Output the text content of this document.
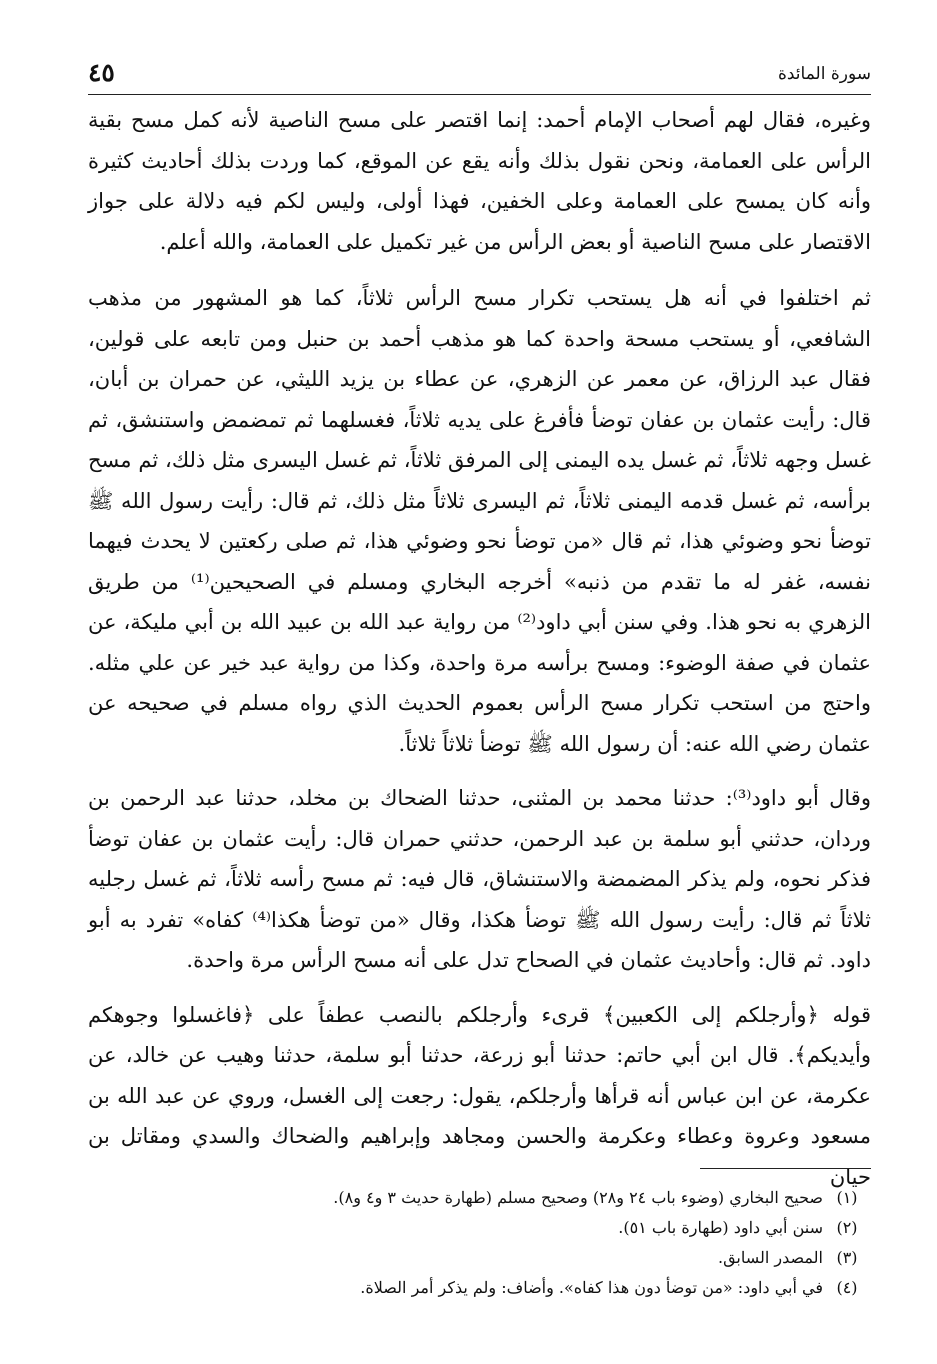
سورة المائدة
٤٥

وغيره، فقال لهم أصحاب الإمام أحمد: إنما اقتصر على مسح الناصية لأنه كمل مسح بقية الرأس على العمامة، ونحن نقول بذلك وأنه يقع عن الموقع، كما وردت بذلك أحاديث كثيرة وأنه كان يمسح على العمامة وعلى الخفين، فهذا أولى، وليس لكم فيه دلالة على جواز الاقتصار على مسح الناصية أو بعض الرأس من غير تكميل على العمامة، والله أعلم.

ثم اختلفوا في أنه هل يستحب تكرار مسح الرأس ثلاثاً، كما هو المشهور من مذهب الشافعي، أو يستحب مسحة واحدة كما هو مذهب أحمد بن حنبل ومن تابعه على قولين، فقال عبد الرزاق، عن معمر عن الزهري، عن عطاء بن يزيد الليثي، عن حمران بن أبان، قال: رأيت عثمان بن عفان توضأ فأفرغ على يديه ثلاثاً، فغسلهما ثم تمضمض واستنشق، ثم غسل وجهه ثلاثاً، ثم غسل يده اليمنى إلى المرفق ثلاثاً، ثم غسل اليسرى مثل ذلك، ثم مسح برأسه، ثم غسل قدمه اليمنى ثلاثاً، ثم اليسرى ثلاثاً مثل ذلك، ثم قال: رأيت رسول الله ﷺ توضأ نحو وضوئي هذا، ثم قال «من توضأ نحو وضوئي هذا، ثم صلى ركعتين لا يحدث فيهما نفسه، غفر له ما تقدم من ذنبه» أخرجه البخاري ومسلم في الصحيحين⁽¹⁾ من طريق الزهري به نحو هذا. وفي سنن أبي داود⁽²⁾ من رواية عبد الله بن عبيد الله بن أبي مليكة، عن عثمان في صفة الوضوء: ومسح برأسه مرة واحدة، وكذا من رواية عبد خير عن علي مثله. واحتج من استحب تكرار مسح الرأس بعموم الحديث الذي رواه مسلم في صحيحه عن عثمان رضي الله عنه: أن رسول الله ﷺ توضأ ثلاثاً ثلاثاً.

وقال أبو داود⁽³⁾: حدثنا محمد بن المثنى، حدثنا الضحاك بن مخلد، حدثنا عبد الرحمن بن وردان، حدثني أبو سلمة بن عبد الرحمن، حدثني حمران قال: رأيت عثمان بن عفان توضأ فذكر نحوه، ولم يذكر المضمضة والاستنشاق، قال فيه: ثم مسح رأسه ثلاثاً، ثم غسل رجليه ثلاثاً ثم قال: رأيت رسول الله ﷺ توضأ هكذا، وقال «من توضأ هكذا⁽⁴⁾ كفاه» تفرد به أبو داود. ثم قال: وأحاديث عثمان في الصحاح تدل على أنه مسح الرأس مرة واحدة.

قوله ﴿وأرجلكم إلى الكعبين﴾ قرىء وأرجلكم بالنصب عطفاً على ﴿فاغسلوا وجوهكم وأيديكم﴾. قال ابن أبي حاتم: حدثنا أبو زرعة، حدثنا أبو سلمة، حدثنا وهيب عن خالد، عن عكرمة، عن ابن عباس أنه قرأها وأرجلكم، يقول: رجعت إلى الغسل، وروي عن عبد الله بن مسعود وعروة وعطاء وعكرمة والحسن ومجاهد وإبراهيم والضحاك والسدي ومقاتل بن حيان

(١)
صحيح البخاري (وضوء باب ٢٤ و٢٨) وصحيح مسلم (طهارة حديث ٣ و٤ و٨).
(٢)
سنن أبي داود (طهارة باب ٥١).
(٣)
المصدر السابق.
(٤)
في أبي داود: «من توضأ دون هذا كفاه». وأضاف: ولم يذكر أمر الصلاة.
